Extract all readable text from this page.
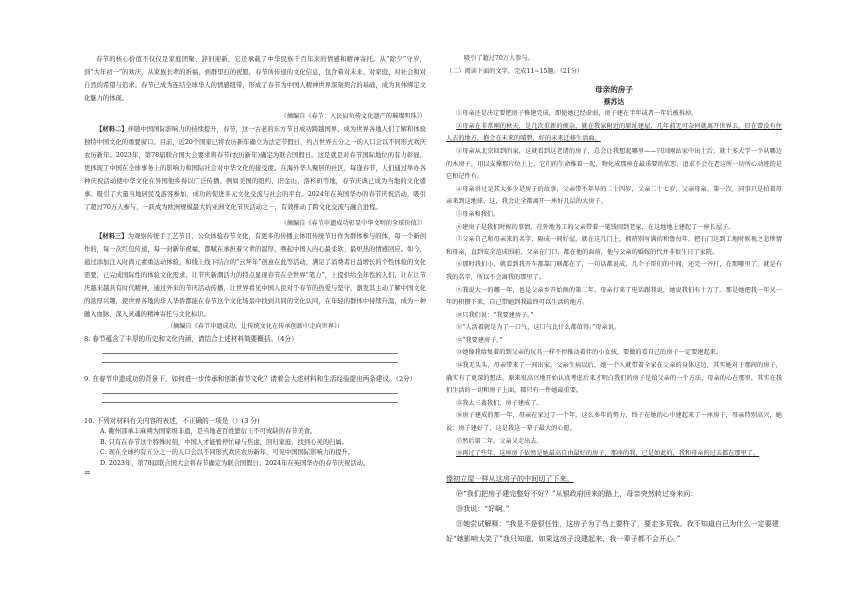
春节的核心价值不仅仅是家庭团聚、辞旧迎新，它还承载了中华民族千百年来的情感和精神寄托。从“除夕”守岁，到“大年初一”的欢庆，从家族长辈的祈福，到群里打的祝愿，春节所传递的文化信息，包含着对未来、对家庭、对社会和对自然的希望与追求。春节已成为连结全球华人的情感纽带，形成了春节为中国人精神世界深刻契合的基础，成为具体绑定文化魅力的体现。

（摘编自《春节：人民肩负传文化遗产的璀璨明珠》）

【材料二】伴随中国国际影响力的持续提升，春节，这一古老的东方节日成功跨越国界，成为世界各地人们了解和体验独特中国文化的重要窗口。目前，近20个国家已将农历新年确立为法定节假日，约占世界五分之一的人口会以不同形式欢庆农历新年。2023年，第78届联合国大会要求将春节(农历新年)确定为联合国假日。这是就是对春节国际地位的有力彰显，更体现了中国在全球事务上的影响力和国际社会对中华文化的接受度。在海外华人聚居的社区，每逢春节，人们通过举办各种庆祝活动使中华文化在异国他乡得以广泛传播。例如美国的纽约、旧金山、洛杉矶等地，春节庆典已成为当地的文化盛事。吸引了大量当地居民及游客参加，成功的促进多元文化交流与社会的平台。2024年在英国华办的春节庆祝活动，吸引了超过70万人参与，一跃成为欧洲规模最大的亚洲文化节庆活动之一，有效推动了跨文化交流与融合进程。

（摘编自《春节申遗成功彰显中华文明的全球价值》）

【材料三】为观察传统手工艺节目，公众体验春节文化，有更多的传播主体用传统节日作为群体参与的体，每一个新创作的，每一次红包传递，每一封新年祝福，都赋在承担着父辈的温厚，唤起中国人内心最柔软、最炽热的情感回应。如今，通过添加注入时尚元素重达动体验，和线上线下结合的“云拜年”创意在此等活动，满足了消费者日益增长的个性体验的文化需要，已完成国际性的体验文化需求，让节庆新潮活力的特点显现春节在全世界“笔力”，上提供给全年性的人们，让在让节庆越来越具有时代精神，通过外来的节庆活动传播，让世界看见中国人民对于春节的热爱与坚守，激发其主动了解中国文化的浓厚兴趣，使世界各地的华人华侨都能在春节这个文化场景中找到共同的文化认同，在年轻的群体中持续升温，成为一种融入血脉、深入灵魂的精神寄托与文化标识。

（摘编自《春节申遗成功，让传统文化在传承创新中走向世界》）
8. 春节蕴含了丰厚的历史和文化内涵，请结合上述材料简要概括。（4分）
9. 在春节申遗成功的背景下，如何进一步传承和创新春节文化？请着会大述材料和生活经验提出两条建议。（2分）
10. 下列对材料有关内容的表述，不正确的一项是（）(3 分)
A. 衢州部承丰麻朔为国家级非遗，是当地老百姓繁衍上不可或缺的春节美食。
B. 只有在春节这个特殊时刻，中国人才能暂停忙碌与焦虑，回归家庭，找到心灵的归属。
C. 现在全球约有五分之一的人口会以不同形式欢庆农历新年，可见中国国际影响力的提升。
D. 2023年，第78届联合国大会将春节确定为联合国假日；2024年在英国华办的春节庆祝活动。
=
吸引了超过70万人参与。
（二）阅读下面的文字，完成11~15题。（21分）
母亲的房子
蔡苏达

①母亲还是决定要把房子修建完成，即使她已经虚弱，房子建在半年或者一年后被拆掉。

②母亲在非常刚的秋天，是几次重新的烦杂，就在我家附近的原址建屋，几年前无可奈何就离开世界去，旧在曾没有住人去的地方，抱会在未来的晴碧，好的未来迁移生活面。

③母亲从北京回到的家，这就看到这老诸的房子，总会让我想起哪里——只因刚站家中出土后，就十多大学一个从哪边的木房子，用以支撑那片位土上，它们的生命推着一起，物化成那座在最重要的依恋，追求不会在老这所一切所心动迹的是它和记性有。

④母亲讲过是其大多少是房子的故事，父亲带不年早的二十四岁，父亲二十七岁，父亲母亲，第一次，同事只是拍着母亲来到这地球，这，我会让全都离开一座好几层的大房子。

⑤母亲和我们。

⑥建房子是我们时候的事情，在外地务工的父亲带着一笔钱回到老家，在这地地上建起了一座长屋子。

⑦父亲自己和母亲来的名字，隔成一间好屋，就在这几门上，拥挤别写满的和鲁每年，把石门达到工地时候视之悲惨情和母亲，直到安全范成围前，父亲在门口，都在他的面前，他与父亲的婚嫁的代并非很生日了家院。

⑧那时我们小，就看到我开车都靠门联都在了，一句话都说成，几个子哥们的中间，还完一齐打，在那哪里了，就是有我的名字，所以不会离我的那里了。

⑨我说大一的哪一年，也是父亲乡开始换的第二年，母亲打来了电话跟我说，她说我们有十万了。那是她把我一年又一年的积攒下来，自己带她到我最终可以生活的地方。

⑩只我们说：“我要建房子。”

⑪“人活着就是为了一口气，这口气比什么都值得。”母亲说。

⑫“我要建房子。”

⑬她像我给复着的到父亲的玩具一样不停推动着伴的小女孩，要做的看自己的房子一定要建起来。

⑭我无头头，母亲带来了一间出家，父亲生病以后，她一个人就带着全家在父亲的身体这边，其实她对于那间的房子，确实有了更深的想法。原来很高兴地开始认真考虑后来才明白我们的房子是给父亲的一个方法，母亲的心在那里，其实在我们生活的一切和房子上面，都只有一件她最重要。

⑮我太三著我们，房子建成了。

⑯房子建成的那一年，母亲在家过了一个年，这么多年的努力，终于在她的心中建起来了一座房子，母亲特别高兴，她说：房子建好了，这是我这一辈子最大的心愿。

⑰然后第二年，父亲又走出去。

⑱再过了些年，这座房子依然是她最高自由最好的房子，那座的我，已是如此的，我和母亲的过去都在那里了。

像初立屋一样从这房子的中间切了下来。

⑲“我们把房子建完整好不好？”从银政府回来的路上，母亲突然转过身来问：

⑳我说：“好啊。”

㉑她尝试解释：“我是不是很任性，这房子为了鸟上要杵了，要走多荒我。我不知道自己为什么一定要建好“她影响大笑了”我只知道，如果这房子没建起来，我一辈子都不会开心。”
